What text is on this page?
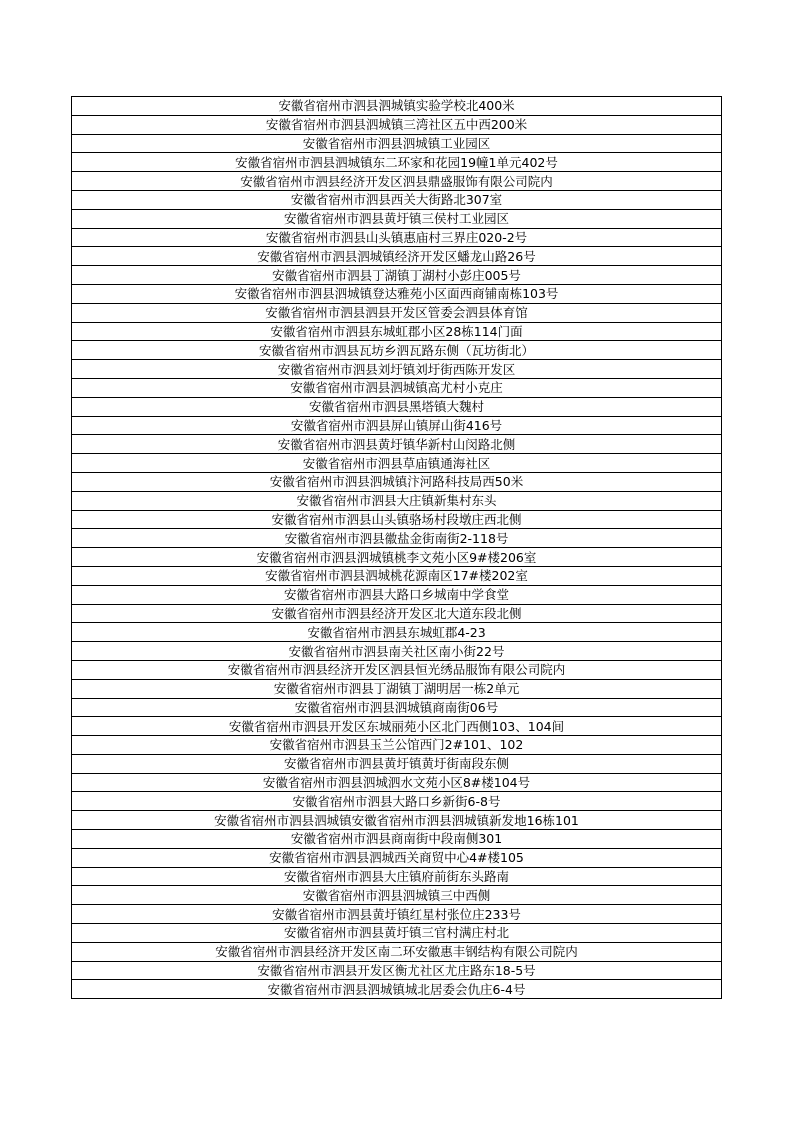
安徽省宿州市泗县泗城镇实验学校北400米
安徽省宿州市泗县泗城镇三湾社区五中西200米
安徽省宿州市泗县泗城镇工业园区
安徽省宿州市泗县泗城镇东二环家和花园19幢1单元402号
安徽省宿州市泗县经济开发区泗县鼎盛服饰有限公司院内
安徽省宿州市泗县西关大街路北307室
安徽省宿州市泗县黄圩镇三侯村工业园区
安徽省宿州市泗县山头镇惠庙村三界庄020-2号
安徽省宿州市泗县泗城镇经济开发区蟠龙山路26号
安徽省宿州市泗县丁湖镇丁湖村小彭庄005号
安徽省宿州市泗县泗城镇登达雅苑小区面西商铺南栋103号
安徽省宿州市泗县泗县开发区管委会泗县体育馆
安徽省宿州市泗县东城虹郡小区28栋114门面
安徽省宿州市泗县瓦坊乡泗瓦路东侧（瓦坊街北）
安徽省宿州市泗县刘圩镇刘圩街西陈开发区
安徽省宿州市泗县泗城镇高尤村小克庄
安徽省宿州市泗县黑塔镇大魏村
安徽省宿州市泗县屏山镇屏山街416号
安徽省宿州市泗县黄圩镇华新村山闵路北侧
安徽省宿州市泗县草庙镇通海社区
安徽省宿州市泗县泗城镇汴河路科技局西50米
安徽省宿州市泗县大庄镇新集村东头
安徽省宿州市泗县山头镇骆场村段墩庄西北侧
安徽省宿州市泗县徽盐金街南街2-118号
安徽省宿州市泗县泗城镇桃李文苑小区9#楼206室
安徽省宿州市泗县泗城桃花源南区17#楼202室
安徽省宿州市泗县大路口乡城南中学食堂
安徽省宿州市泗县经济开发区北大道东段北侧
安徽省宿州市泗县东城虹郡4-23
安徽省宿州市泗县南关社区南小街22号
安徽省宿州市泗县经济开发区泗县恒光绣品服饰有限公司院内
安徽省宿州市泗县丁湖镇丁湖明居一栋2单元
安徽省宿州市泗县泗城镇商南街06号
安徽省宿州市泗县开发区东城丽苑小区北门西侧103、104间
安徽省宿州市泗县玉兰公馆西门2#101、102
安徽省宿州市泗县黄圩镇黄圩街南段东侧
安徽省宿州市泗县泗城泗水文苑小区8#楼104号
安徽省宿州市泗县大路口乡新街6-8号
安徽省宿州市泗县泗城镇安徽省宿州市泗县泗城镇新发地16栋101
安徽省宿州市泗县商南街中段南侧301
安徽省宿州市泗县泗城西关商贸中心4#楼105
安徽省宿州市泗县大庄镇府前街东头路南
安徽省宿州市泗县泗城镇三中西侧
安徽省宿州市泗县黄圩镇红星村张位庄233号
安徽省宿州市泗县黄圩镇三官村满庄村北
安徽省宿州市泗县经济开发区南二环安徽惠丰钢结构有限公司院内
安徽省宿州市泗县开发区衡尤社区尤庄路东18-5号
安徽省宿州市泗县泗城镇城北居委会仇庄6-4号
